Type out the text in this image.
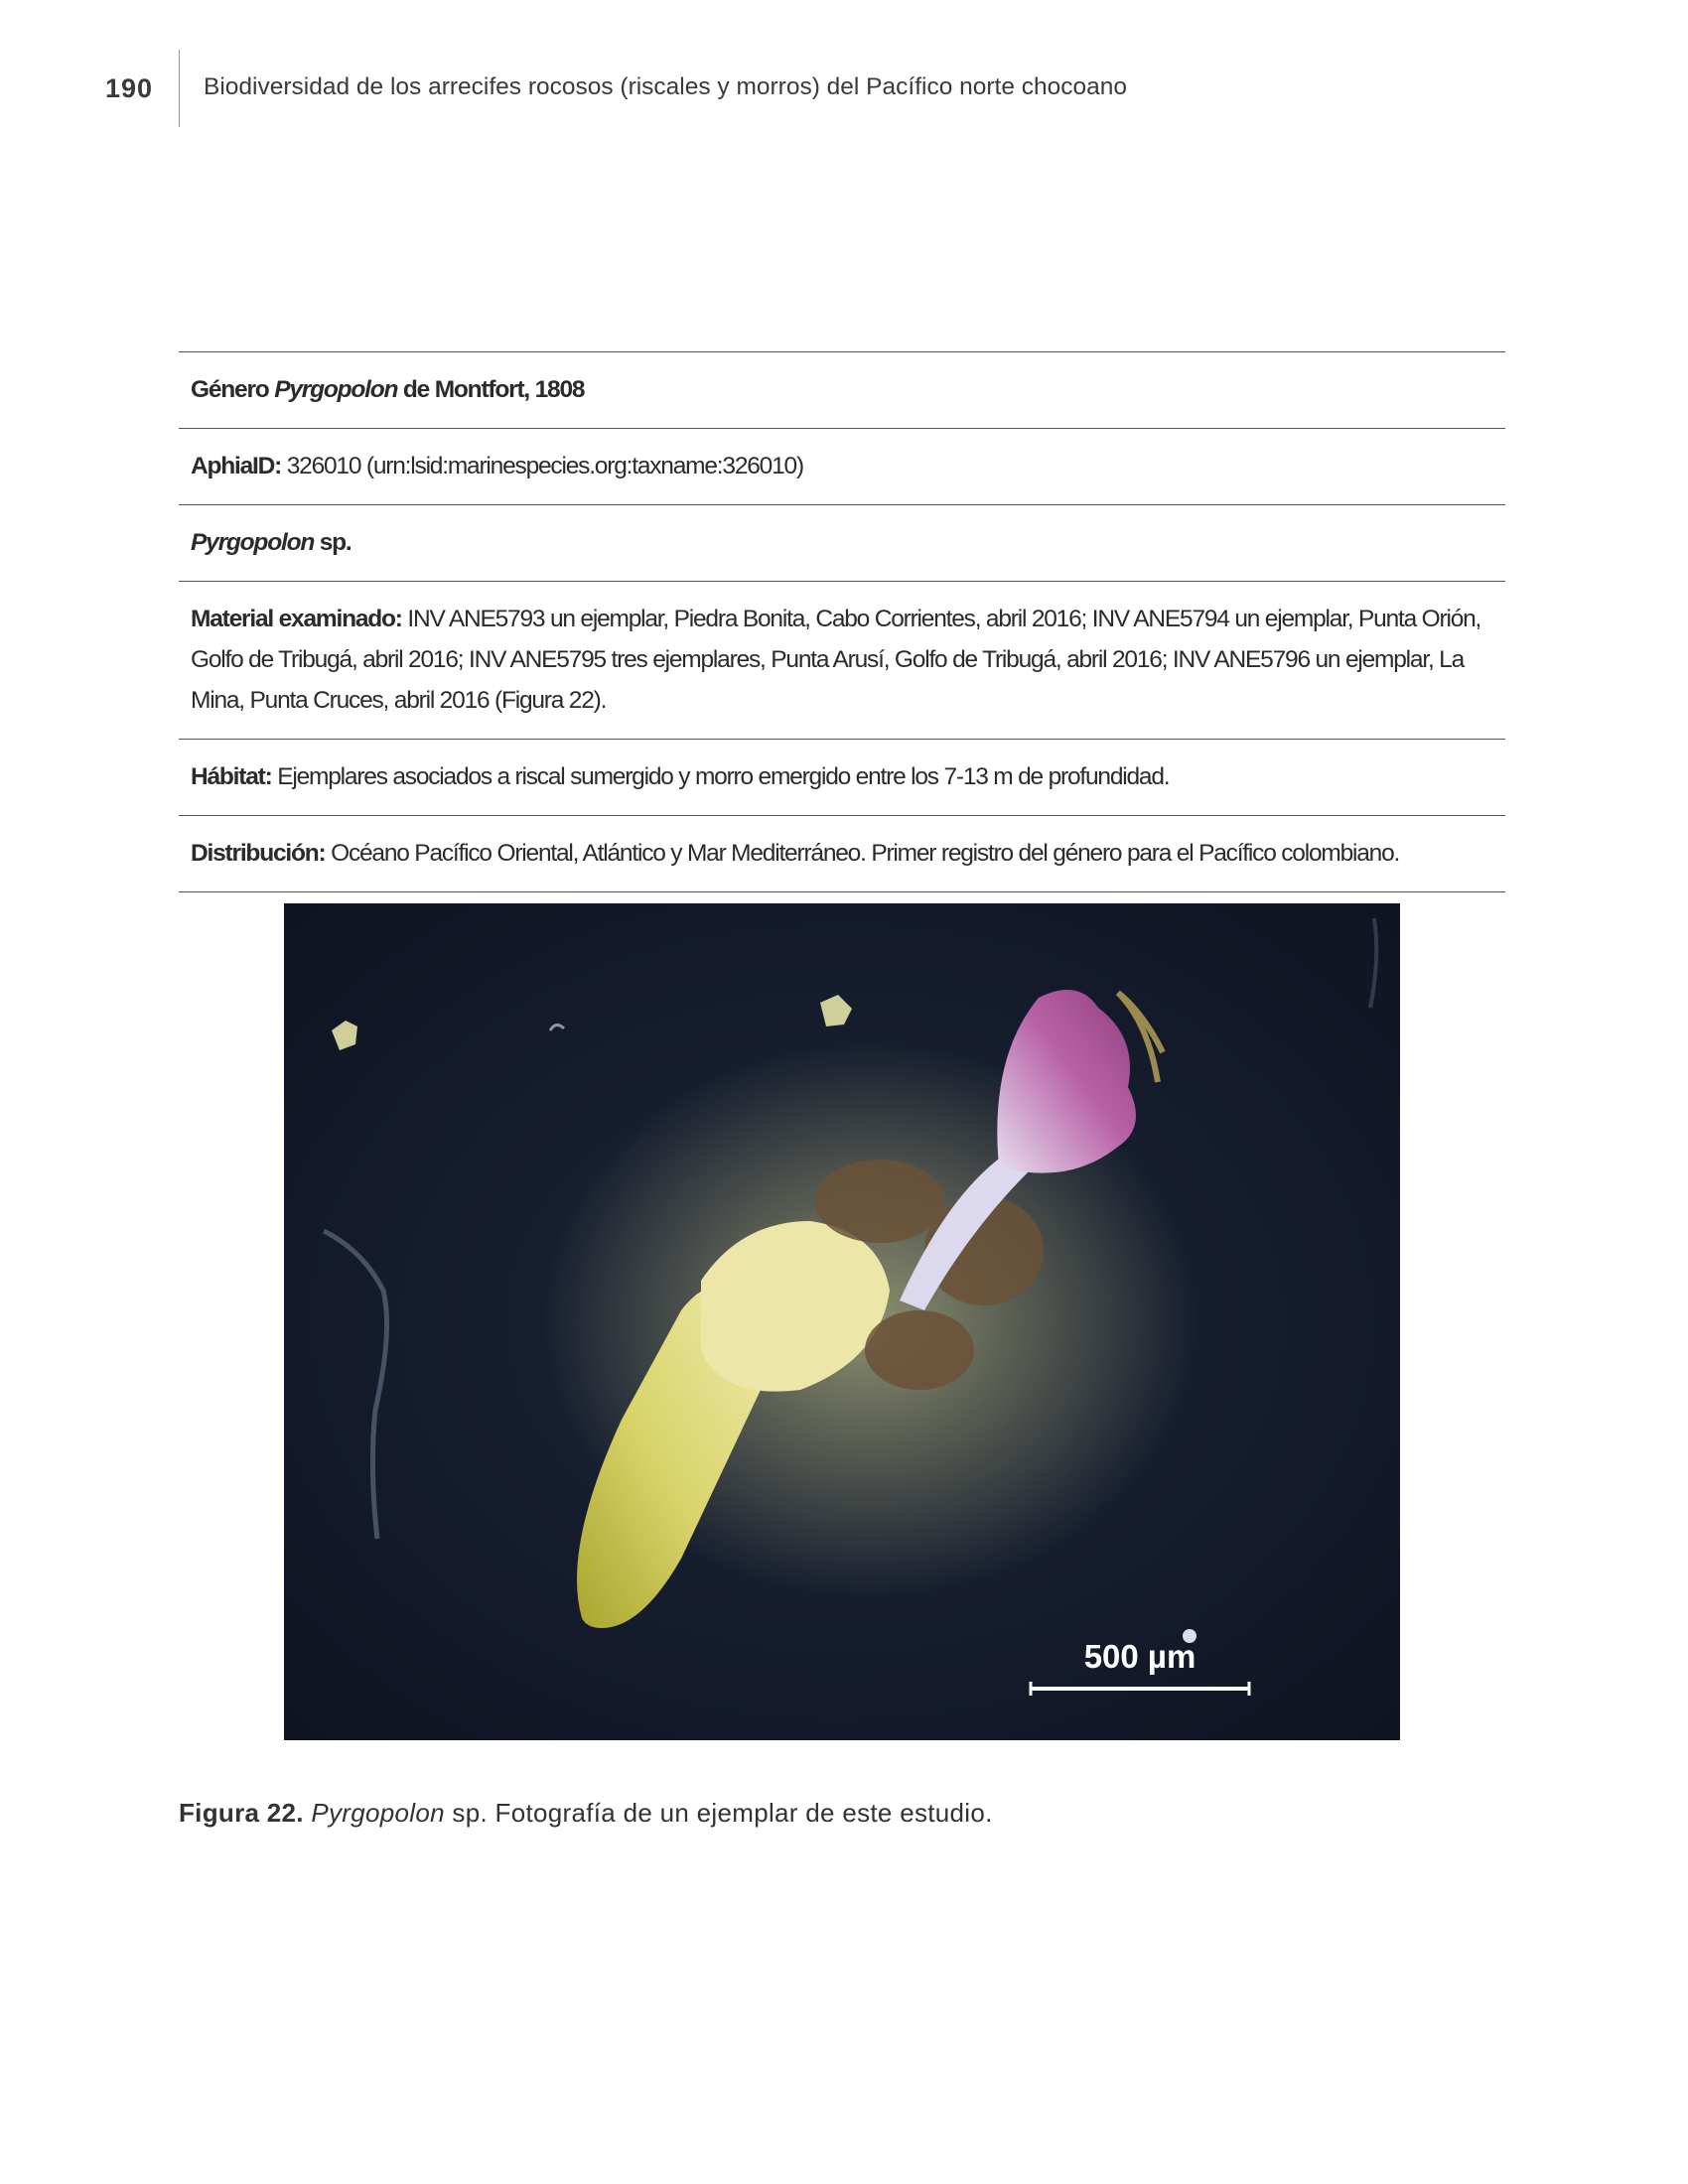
190 Biodiversidad de los arrecifes rocosos (riscales y morros) del Pacífico norte chocoano
Género Pyrgopolon de Montfort, 1808
AphiaID: 326010 (urn:lsid:marinespecies.org:taxname:326010)
Pyrgopolon sp.
Material examinado: INV ANE5793 un ejemplar, Piedra Bonita, Cabo Corrientes, abril 2016; INV ANE5794 un ejemplar, Punta Orión, Golfo de Tribugá, abril 2016; INV ANE5795 tres ejemplares, Punta Arusí, Golfo de Tribugá, abril 2016; INV ANE5796 un ejemplar, La Mina, Punta Cruces, abril 2016 (Figura 22).
Hábitat: Ejemplares asociados a riscal sumergido y morro emergido entre los 7-13 m de profundidad.
Distribución: Océano Pacífico Oriental, Atlántico y Mar Mediterráneo. Primer registro del género para el Pacífico colombiano.
500 µm
Figura 22. Pyrgopolon sp. Fotografía de un ejemplar de este estudio.
